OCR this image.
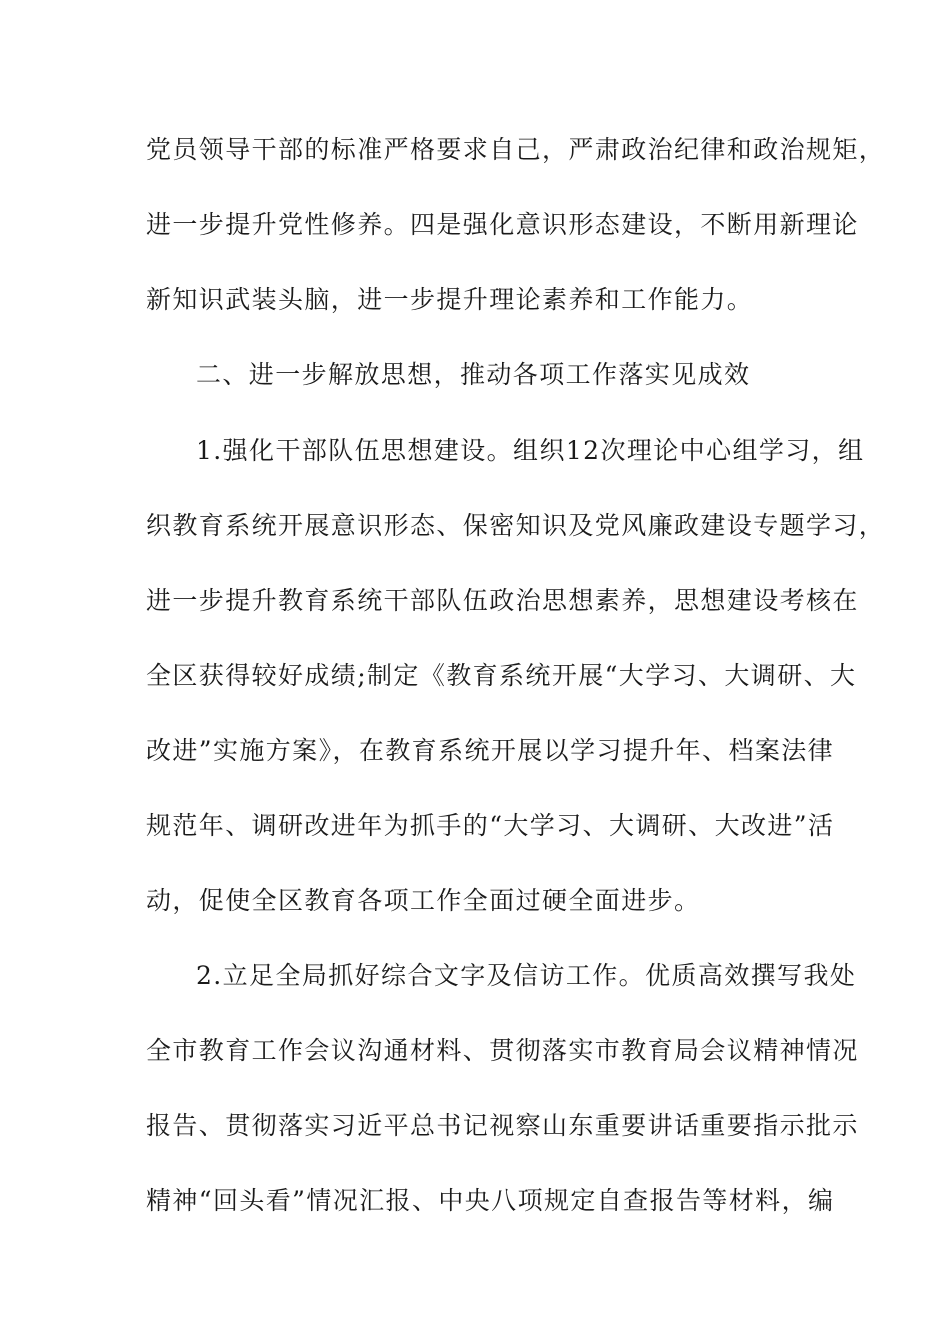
党员领导干部的标准严格要求自己，严肃政治纪律和政治规矩，
进一步提升党性修养。四是强化意识形态建设，不断用新理论
新知识武装头脑，进一步提升理论素养和工作能力。
二、进一步解放思想，推动各项工作落实见成效
1.强化干部队伍思想建设。组织12次理论中心组学习，组
织教育系统开展意识形态、保密知识及党风廉政建设专题学习，
进一步提升教育系统干部队伍政治思想素养，思想建设考核在
全区获得较好成绩;制定《教育系统开展“大学习、大调研、大
改进”实施方案》，在教育系统开展以学习提升年、档案法律
规范年、调研改进年为抓手的“大学习、大调研、大改进”活
动，促使全区教育各项工作全面过硬全面进步。
2.立足全局抓好综合文字及信访工作。优质高效撰写我处
全市教育工作会议沟通材料、贯彻落实市教育局会议精神情况
报告、贯彻落实习近平总书记视察山东重要讲话重要指示批示
精神“回头看”情况汇报、中央八项规定自查报告等材料，编
